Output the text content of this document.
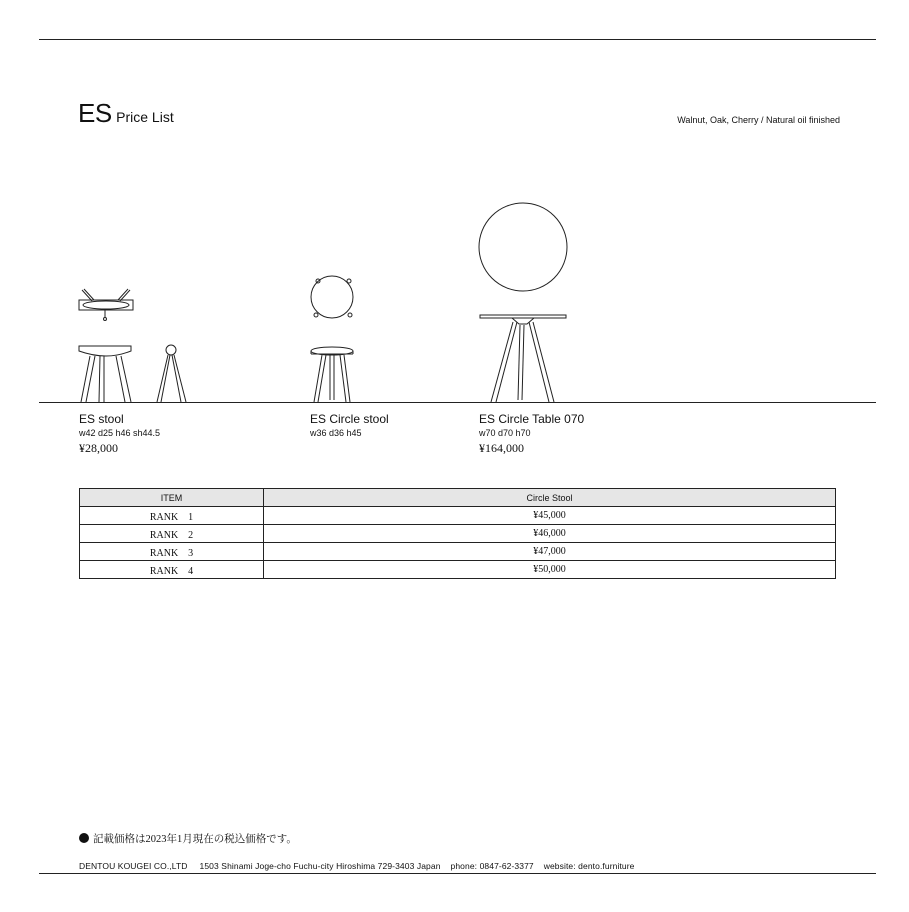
ES Price List	Walnut, Oak, Cherry / Natural oil finished
ES stool
w42 d25 h46 sh44.5
¥28,000
ES Circle stool
w36 d36 h45
ES Circle Table 070
w70 d70 h70
¥164,000
ITEM	Circle Stool
RANK　1	¥45,000
RANK　2	¥46,000
RANK　3	¥47,000
RANK　4	¥50,000
記載価格は2023年1月現在の税込価格です。
DENTOU KOUGEI CO.,LTD 1503 Shinami Joge-cho Fuchu-city Hiroshima 729-3403 Japan phone: 0847-62-3377 website: dento.furniture
